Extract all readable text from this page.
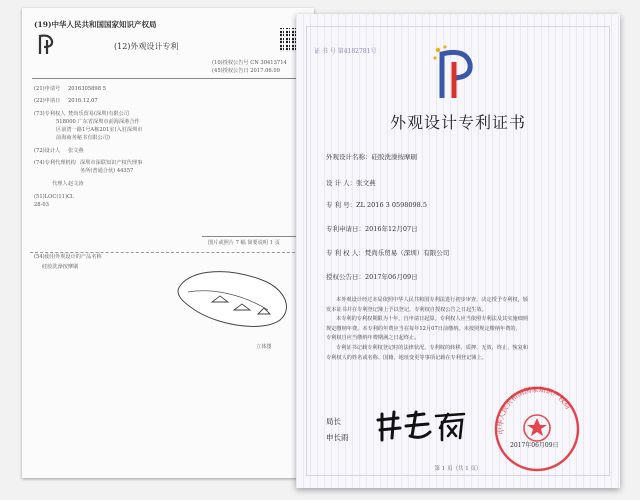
(19)中华人民共和国国家知识产权局
(12)外观设计专利
(10)授权公告号 CN 30413714
(45)授权公告日 2017.06.09
(21)申请号 2016305898 5
(22)申请日 2016.12.07
(73)专利权人 梵尚乐贸易(深圳)有限公司
518000 广东省深圳市前海深港合作
区前湾一路1号A栋201室(入驻深圳市
前海商务秘书有限公司)
(72)设计人 张文燕
(74)专利代理机构 深圳市深联知识产权代理事
务所(普通合伙) 44357
代理人 赵文涛
(51)LOC(11)Cl.
28-03
图片或照片 7 幅 简要说明 1 页
(54)使用外观设计的产品名称
硅胶洗澡按摩刷
立体图
证 书 号 第4182781号
外观设计专利证书
外观设计名称：硅胶洗澡按摩刷
设 计 人：张文燕
专 利 号：ZL 2016 3 0598098.5
专利申请日：2016年12月07日
专 利 权 人：梵尚乐贸易（深圳）有限公司
授权公告日：2017年06月09日

本外观设计经过本局依照中华人民共和国专利法进行初步审查，决定授予专利权，颁

发本证书并在专利登记簿上予以登记。专利权自授权公告之日起生效。

本专利的专利权期限为十年，自申请日起算。专利权人应当依照专利法及其实施细则

规定缴纳年费。本专利的年费应当在每年12月07日前缴纳。未按照规定缴纳年费的，

专利权自应当缴纳年费期满之日起终止。

专利证书记载专利权登记时的法律状况。专利权的转移、质押、无效、终止、恢复和

专利权人的姓名或名称、国籍、地址变更等事项记载在专利登记簿上。

局长
申长雨
中华人民共和国国家知识产权局
2017年06月09日
第 1 页（共 1 页）
